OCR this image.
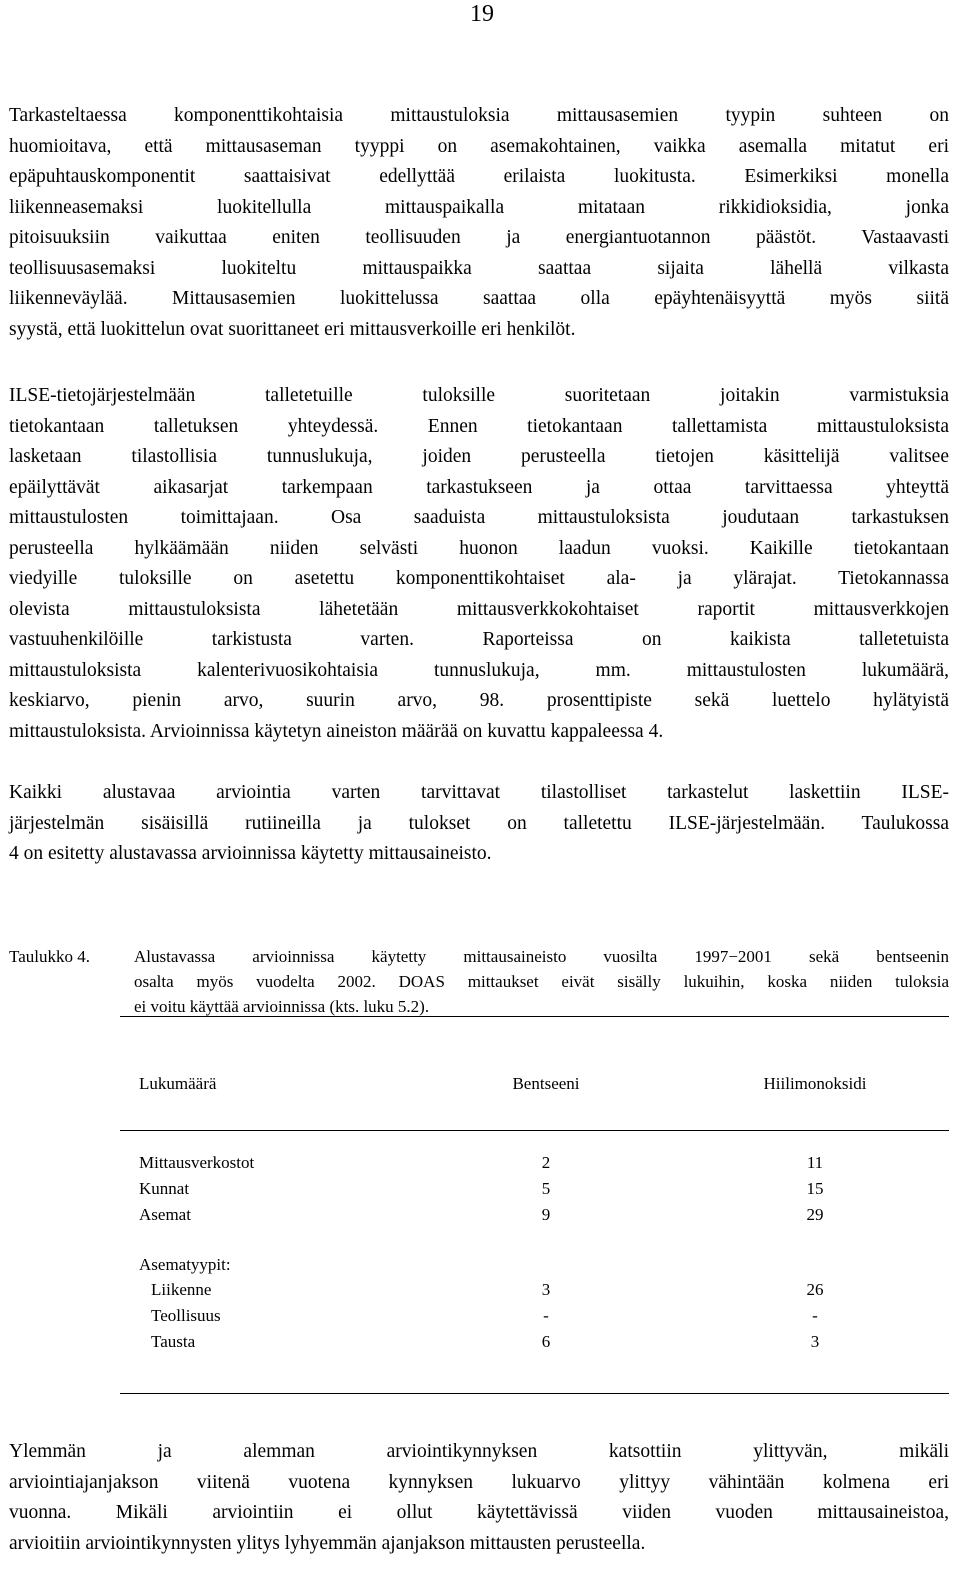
19
Tarkasteltaessa komponenttikohtaisia mittaustuloksia mittausasemien tyypin suhteen on
huomioitava, että mittausaseman tyyppi on asemakohtainen, vaikka asemalla mitatut eri
epäpuhtauskomponentit saattaisivat edellyttää erilaista luokitusta. Esimerkiksi monella
liikenneasemaksi luokitellulla mittauspaikalla mitataan rikkidioksidia, jonka
pitoisuuksiin vaikuttaa eniten teollisuuden ja energiantuotannon päästöt. Vastaavasti
teollisuusasemaksi luokiteltu mittauspaikka saattaa sijaita lähellä vilkasta
liikenneväylää. Mittausasemien luokittelussa saattaa olla epäyhtenäisyyttä myös siitä
syystä, että luokittelun ovat suorittaneet eri mittausverkoille eri henkilöt.
ILSE-tietojärjestelmään talletetuille tuloksille suoritetaan joitakin varmistuksia
tietokantaan talletuksen yhteydessä. Ennen tietokantaan tallettamista mittaustuloksista
lasketaan tilastollisia tunnuslukuja, joiden perusteella tietojen käsittelijä valitsee
epäilyttävät aikasarjat tarkempaan tarkastukseen ja ottaa tarvittaessa yhteyttä
mittaustulosten toimittajaan. Osa saaduista mittaustuloksista joudutaan tarkastuksen
perusteella hylkäämään niiden selvästi huonon laadun vuoksi. Kaikille tietokantaan
viedyille tuloksille on asetettu komponenttikohtaiset ala- ja ylärajat. Tietokannassa
olevista mittaustuloksista lähetetään mittausverkkokohtaiset raportit mittausverkkojen
vastuuhenkilöille tarkistusta varten. Raporteissa on kaikista talletetuista
mittaustuloksista kalenterivuosikohtaisia tunnuslukuja, mm. mittaustulosten lukumäärä,
keskiarvo, pienin arvo, suurin arvo, 98. prosenttipiste sekä luettelo hylätyistä
mittaustuloksista. Arvioinnissa käytetyn aineiston määrää on kuvattu kappaleessa 4.
Kaikki alustavaa arviointia varten tarvittavat tilastolliset tarkastelut laskettiin ILSE-
järjestelmän sisäisillä rutiineilla ja tulokset on talletettu ILSE-järjestelmään. Taulukossa
4 on esitetty alustavassa arvioinnissa käytetty mittausaineisto.
Taulukko 4.	Alustavassa arvioinnissa käytetty mittausaineisto vuosilta 1997−2001 sekä bentseenin
osalta myös vuodelta 2002. DOAS mittaukset eivät sisälly lukuihin, koska niiden tuloksia
ei voitu käyttää arvioinnissa (kts. luku 5.2).
Lukumäärä	Bentseeni	Hiilimonoksidi
Mittausverkostot	2	11
Kunnat	5	15
Asemat	9	29
Asematyypit:
Liikenne	3	26
Teollisuus	-	-
Tausta	6	3
Ylemmän ja alemman arviointikynnyksen katsottiin ylittyvän, mikäli
arviointiajanjakson viitenä vuotena kynnyksen lukuarvo ylittyy vähintään kolmena eri
vuonna. Mikäli arviointiin ei ollut käytettävissä viiden vuoden mittausaineistoa,
arvioitiin arviointikynnysten ylitys lyhyemmän ajanjakson mittausten perusteella.
